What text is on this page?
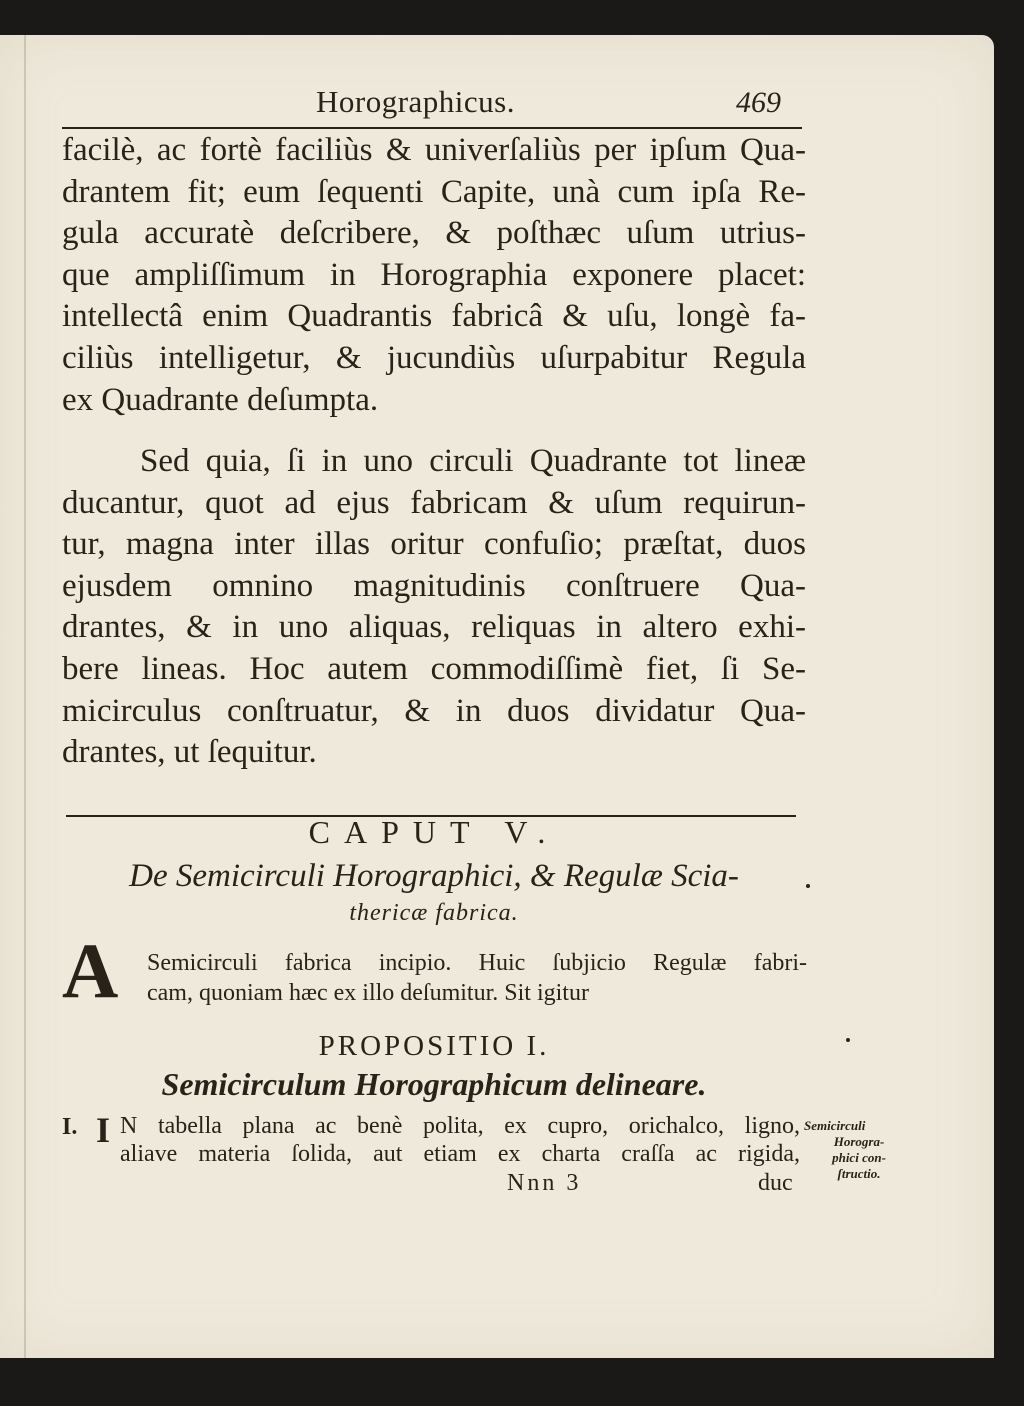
Horographicus.	469
facilè, ac fortè faciliùs & univerſaliùs per ipſum Qua-
drantem fit; eum ſequenti Capite, unà cum ipſa Re-
gula accuratè deſcribere, & poſthæc uſum utrius-
que ampliſſimum in Horographia exponere placet:
intellectâ enim Quadrantis fabricâ & uſu, longè fa-
ciliùs intelligetur, & jucundiùs uſurpabitur Regula
ex Quadrante deſumpta.
Sed quia, ſi in uno circuli Quadrante tot lineæ
ducantur, quot ad ejus fabricam & uſum requirun-
tur, magna inter illas oritur confuſio; præſtat, duos
ejusdem omnino magnitudinis conſtruere Qua-
drantes, & in uno aliquas, reliquas in altero exhi-
bere lineas. Hoc autem commodiſſimè fiet, ſi Se-
micirculus conſtruatur, & in duos dividatur Qua-
drantes, ut ſequitur.
CAPUT V.
De Semicirculi Horographici, & Regulæ Scia-
thericæ fabrica.
A Semicirculi fabrica incipio. Huic ſubjicio Regulæ fabri-
cam, quoniam hæc ex illo deſumitur. Sit igitur
PROPOSITIO I.
Semicirculum Horographicum delineare.
I. I N tabella plana ac benè polita, ex cupro, orichalco, ligno,
aliave materia ſolida, aut etiam ex charta craſſa ac rigida,
Nnn 3	duc
Semicirculi
Horogra-
phici con-
ſtructio.
